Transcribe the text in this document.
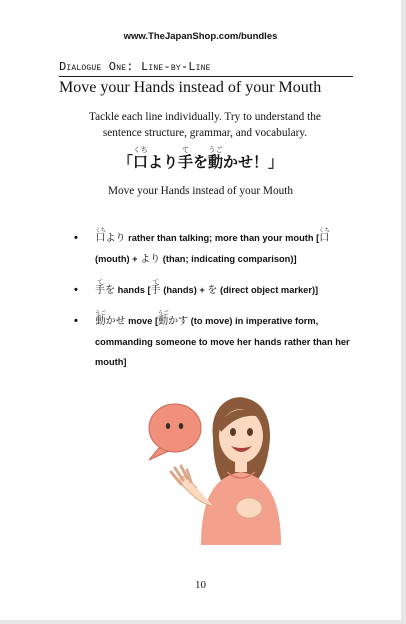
www.TheJapanShop.com/bundles
Dialogue One: Line-by-Line
Move your Hands instead of your Mouth
Tackle each line individually. Try to understand the sentence structure, grammar, and vocabulary.
「口くちより手てを動うごかせ！」
Move your Hands instead of your Mouth
• 口くちより rather than talking; more than your mouth [口くち (mouth) + より (than; indicating comparison)]
• 手てを hands [手て (hands) + を (direct object marker)]
• 動うごかせ move [動うごかす (to move) in imperative form, commanding someone to move her hands rather than her mouth]
10
